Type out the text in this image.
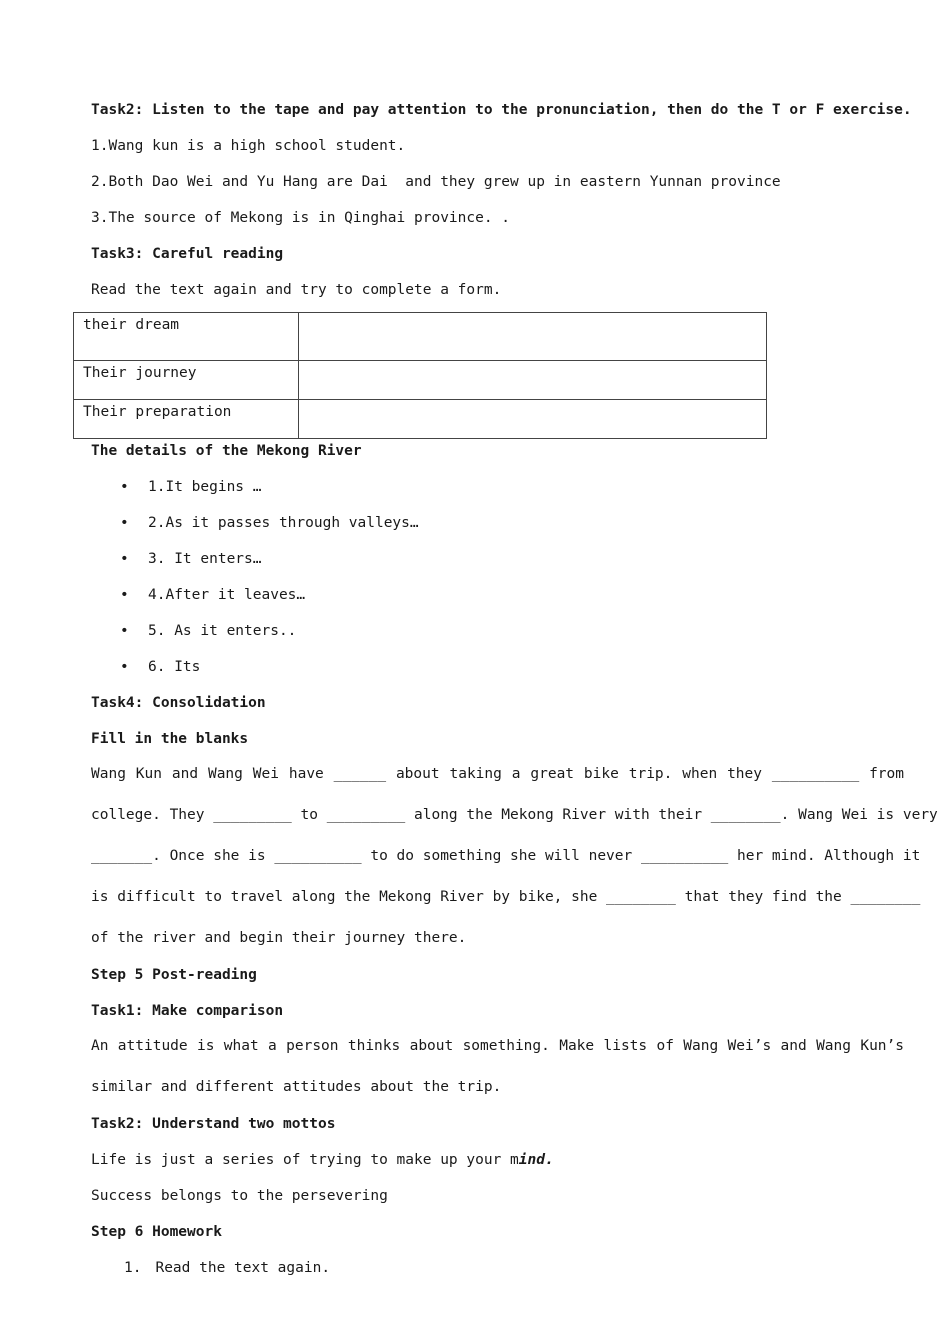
Task2: Listen to the tape and pay attention to the pronunciation, then do the T or F exercise.
1.Wang kun is a high school student.
2.Both Dao Wei and Yu Hang are Dai  and they grew up in eastern Yunnan province
3.The source of Mekong is in Qinghai province. .
Task3: Careful reading
Read the text again and try to complete a form.
their dream	
Their journey	
Their preparation	
The details of the Mekong River
• 1.It begins …
• 2.As it passes through valleys…
• 3. It enters…
• 4.After it leaves…
• 5. As it enters..
• 6. Its
Task4: Consolidation
Fill in the blanks
Wang Kun and Wang Wei have ______ about taking a great bike trip. when they __________ from
college. They _________ to _________ along the Mekong River with their ________. Wang Wei is very
_______. Once she is __________ to do something she will never __________ her mind. Although it
is difficult to travel along the Mekong River by bike, she ________ that they find the ________
of the river and begin their journey there.
Step 5 Post-reading
Task1: Make comparison
An attitude is what a person thinks about something. Make lists of Wang Wei’s and Wang Kun’s
similar and different attitudes about the trip.
Task2: Understand two mottos
Life is just a series of trying to make up your mind.
Success belongs to the persevering
Step 6 Homework
1. Read the text again.
